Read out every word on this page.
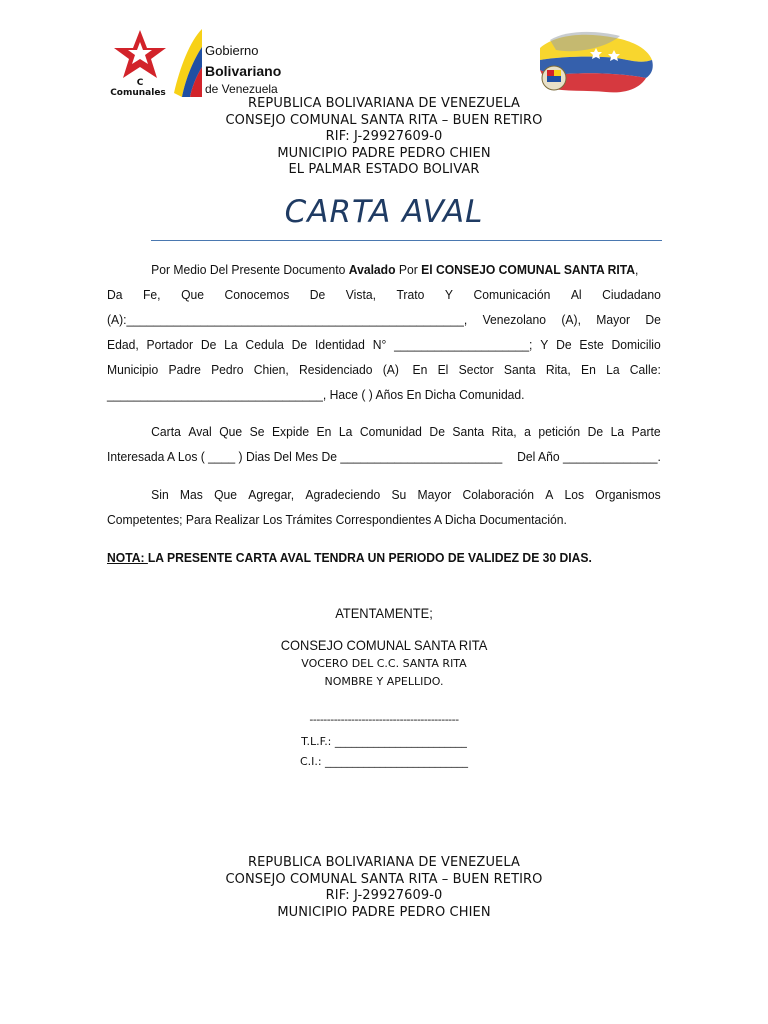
C
Comunales
Gobierno
Bolivariano
de Venezuela
REPUBLICA BOLIVARIANA DE VENEZUELA
CONSEJO COMUNAL SANTA RITA – BUEN RETIRO
RIF: J-29927609-0
MUNICIPIO PADRE PEDRO CHIEN
EL PALMAR ESTADO BOLIVAR
CARTA AVAL
Por Medio Del Presente Documento Avalado Por El CONSEJO COMUNAL SANTA RITA,
Da Fe, Que Conocemos De Vista, Trato Y Comunicación Al Ciudadano
(A):__________________________________________________, Venezolano (A), Mayor De
Edad, Portador De La Cedula De Identidad N° ____________________; Y De Este Domicilio
Municipio Padre Pedro Chien, Residenciado (A) En El Sector Santa Rita, En La Calle:
________________________________, Hace ( ) Años En Dicha Comunidad.
Carta Aval Que Se Expide En La Comunidad De Santa Rita, a petición De La Parte
Interesada A Los ( ____ ) Dias Del Mes De ________________________ Del Año ______________.
Sin Mas Que Agregar, Agradeciendo Su Mayor Colaboración A Los Organismos
Competentes; Para Realizar Los Trámites Correspondientes A Dicha Documentación.
NOTA: LA PRESENTE CARTA AVAL TENDRA UN PERIODO DE VALIDEZ DE 30 DIAS.
ATENTAMENTE;
CONSEJO COMUNAL SANTA RITA
VOCERO DEL C.C. SANTA RITA
NOMBRE Y APELLIDO.
-------------------------------------------
T.L.F.: ________________________
C.I.: __________________________
REPUBLICA BOLIVARIANA DE VENEZUELA
CONSEJO COMUNAL SANTA RITA – BUEN RETIRO
RIF: J-29927609-0
MUNICIPIO PADRE PEDRO CHIEN
